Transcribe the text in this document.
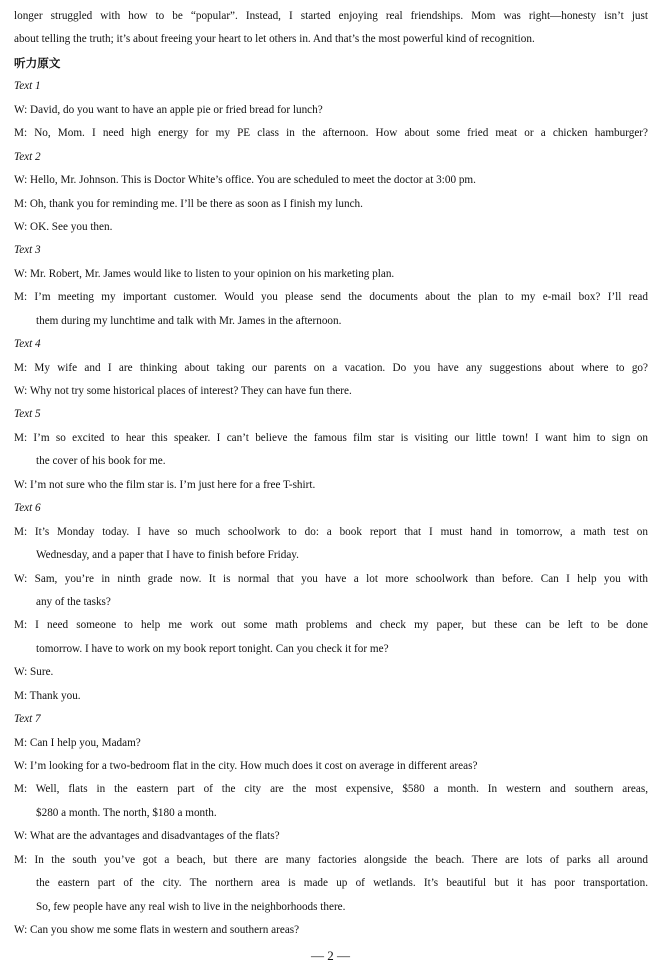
longer struggled with how to be “popular”. Instead, I started enjoying real friendships. Mom was right—honesty isn’t just
about telling the truth; it’s about freeing your heart to let others in. And that’s the most powerful kind of recognition.
听力原文
Text 1
W: David, do you want to have an apple pie or fried bread for lunch?
M: No, Mom. I need high energy for my PE class in the afternoon. How about some fried meat or a chicken hamburger?
Text 2
W: Hello, Mr. Johnson. This is Doctor White’s office. You are scheduled to meet the doctor at 3:00 pm.
M: Oh, thank you for reminding me. I’ll be there as soon as I finish my lunch.
W: OK. See you then.
Text 3
W: Mr. Robert, Mr. James would like to listen to your opinion on his marketing plan.
M: I’m meeting my important customer. Would you please send the documents about the plan to my e-mail box? I’ll read
them during my lunchtime and talk with Mr. James in the afternoon.
Text 4
M: My wife and I are thinking about taking our parents on a vacation. Do you have any suggestions about where to go?
W: Why not try some historical places of interest? They can have fun there.
Text 5
M: I’m so excited to hear this speaker. I can’t believe the famous film star is visiting our little town! I want him to sign on
the cover of his book for me.
W: I’m not sure who the film star is. I’m just here for a free T-shirt.
Text 6
M: It’s Monday today. I have so much schoolwork to do: a book report that I must hand in tomorrow, a math test on
Wednesday, and a paper that I have to finish before Friday.
W: Sam, you’re in ninth grade now. It is normal that you have a lot more schoolwork than before. Can I help you with
any of the tasks?
M: I need someone to help me work out some math problems and check my paper, but these can be left to be done
tomorrow. I have to work on my book report tonight. Can you check it for me?
W: Sure.
M: Thank you.
Text 7
M: Can I help you, Madam?
W: I’m looking for a two-bedroom flat in the city. How much does it cost on average in different areas?
M: Well, flats in the eastern part of the city are the most expensive, $580 a month. In western and southern areas,
$280 a month. The north, $180 a month.
W: What are the advantages and disadvantages of the flats?
M: In the south you’ve got a beach, but there are many factories alongside the beach. There are lots of parks all around
the eastern part of the city. The northern area is made up of wetlands. It’s beautiful but it has poor transportation.
So, few people have any real wish to live in the neighborhoods there.
W: Can you show me some flats in western and southern areas?
— 2 —
